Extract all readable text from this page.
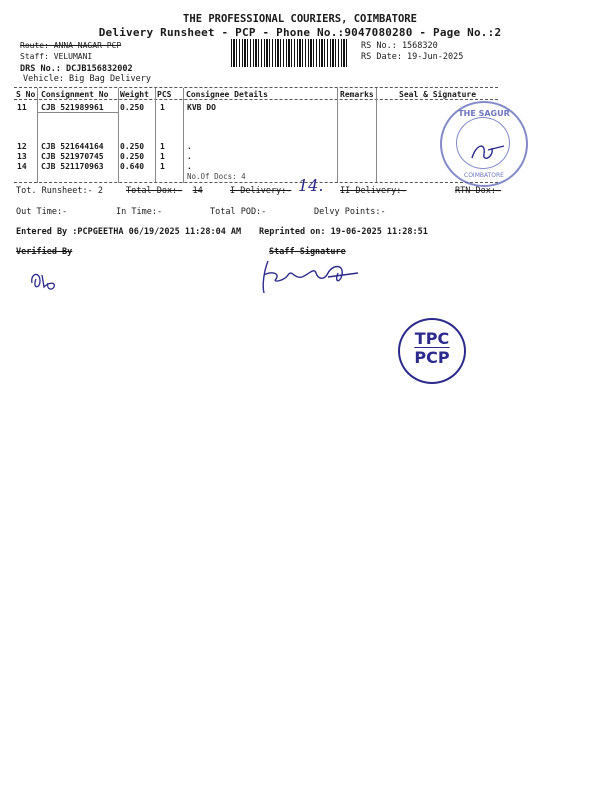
THE PROFESSIONAL COURIERS, COIMBATORE
Delivery Runsheet - PCP - Phone No.:9047080280 - Page No.:2
Route: ANNA NAGAR PCP
Staff: VELUMANI
DRS No.: DCJB156832002
Vehicle: Big Bag Delivery
RS No.: 1568320
RS Date: 19-Jun-2025
S No Consignment No Weight PCS Consignee Details	Remarks	Seal & Signature
11 CJB 521989961 0.250 1	KVB DO
12 CJB 521644164 0.250 1	.
13 CJB 521970745 0.250 1	.
14 CJB 521170963 0.640 1	.
No.Of Docs: 4
THE SAGUR
COIMBATORE
Tot. Runsheet:- 2	Total Dox:- 14	I Delivery:- 14. II Delivery:-	RTN Dox:-
Out Time:-	In Time:-	Total POD:-	Delvy Points:-
Entered By :PCPGEETHA 06/19/2025 11:28:04 AM Reprinted on: 19-06-2025 11:28:51
Verified By	Staff Signature
TPC
$\overline{PCP}$
